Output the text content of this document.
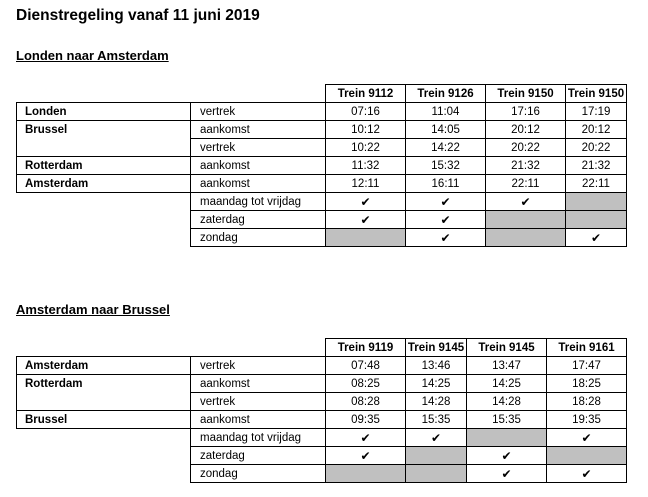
Dienstregeling vanaf 11 juni 2019
Londen naar Amsterdam
		Trein 9112	Trein 9126	Trein 9150	Trein 9150
Londen	vertrek	07:16	11:04	17:16	17:19
Brussel	aankomst	10:12	14:05	20:12	20:12
	vertrek	10:22	14:22	20:22	20:22
Rotterdam	aankomst	11:32	15:32	21:32	21:32
Amsterdam	aankomst	12:11	16:11	22:11	22:11
	maandag tot vrijdag	✔	✔	✔	
	zaterdag	✔	✔		
	zondag		✔		✔
Amsterdam naar Brussel
		Trein 9119	Trein 9145	Trein 9145	Trein 9161
Amsterdam	vertrek	07:48	13:46	13:47	17:47
Rotterdam	aankomst	08:25	14:25	14:25	18:25
	vertrek	08:28	14:28	14:28	18:28
Brussel	aankomst	09:35	15:35	15:35	19:35
	maandag tot vrijdag	✔	✔		✔
	zaterdag	✔		✔	
	zondag			✔	✔
